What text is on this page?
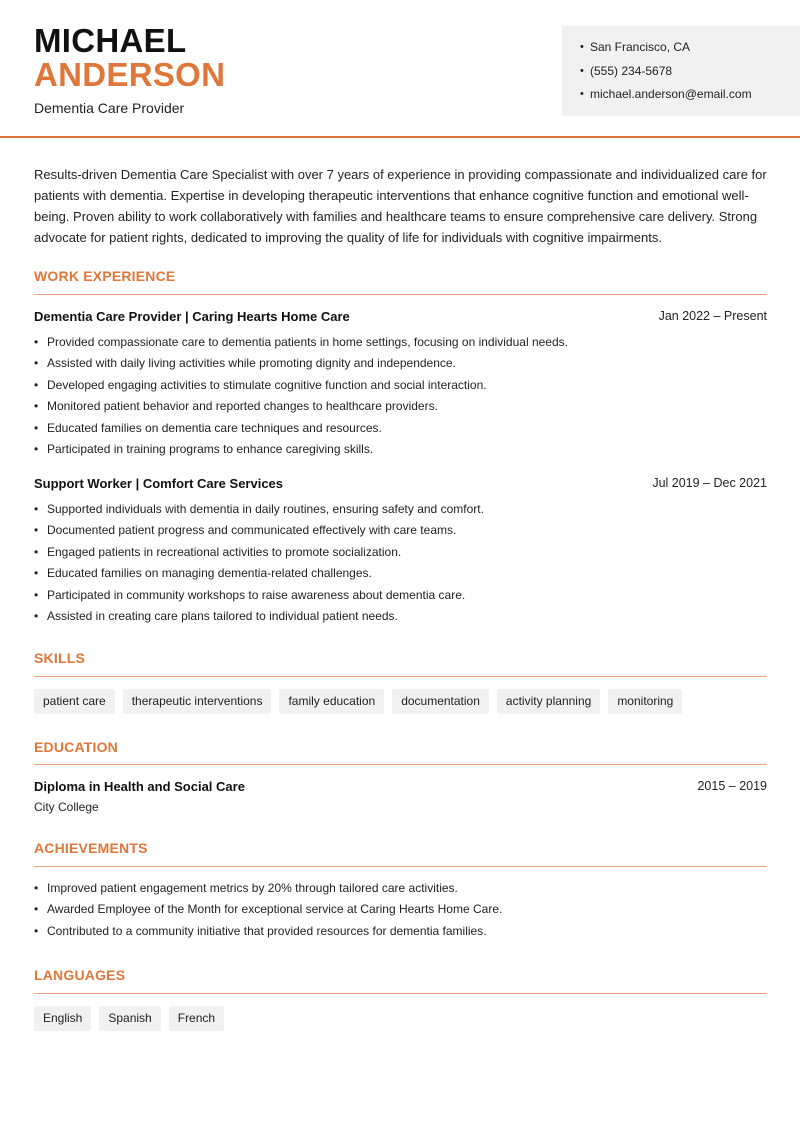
MICHAEL
ANDERSON
Dementia Care Provider
• San Francisco, CA
• (555) 234-5678
• michael.anderson@email.com
Results-driven Dementia Care Specialist with over 7 years of experience in providing compassionate and individualized care for patients with dementia. Expertise in developing therapeutic interventions that enhance cognitive function and emotional well-being. Proven ability to work collaboratively with families and healthcare teams to ensure comprehensive care delivery. Strong advocate for patient rights, dedicated to improving the quality of life for individuals with cognitive impairments.
WORK EXPERIENCE
Dementia Care Provider | Caring Hearts Home Care	Jan 2022 – Present
• Provided compassionate care to dementia patients in home settings, focusing on individual needs.
• Assisted with daily living activities while promoting dignity and independence.
• Developed engaging activities to stimulate cognitive function and social interaction.
• Monitored patient behavior and reported changes to healthcare providers.
• Educated families on dementia care techniques and resources.
• Participated in training programs to enhance caregiving skills.
Support Worker | Comfort Care Services	Jul 2019 – Dec 2021
• Supported individuals with dementia in daily routines, ensuring safety and comfort.
• Documented patient progress and communicated effectively with care teams.
• Engaged patients in recreational activities to promote socialization.
• Educated families on managing dementia-related challenges.
• Participated in community workshops to raise awareness about dementia care.
• Assisted in creating care plans tailored to individual patient needs.
SKILLS
patient care	therapeutic interventions	family education	documentation	activity planning	monitoring
EDUCATION
Diploma in Health and Social Care	2015 – 2019
City College
ACHIEVEMENTS
• Improved patient engagement metrics by 20% through tailored care activities.
• Awarded Employee of the Month for exceptional service at Caring Hearts Home Care.
• Contributed to a community initiative that provided resources for dementia families.
LANGUAGES
English	Spanish	French
